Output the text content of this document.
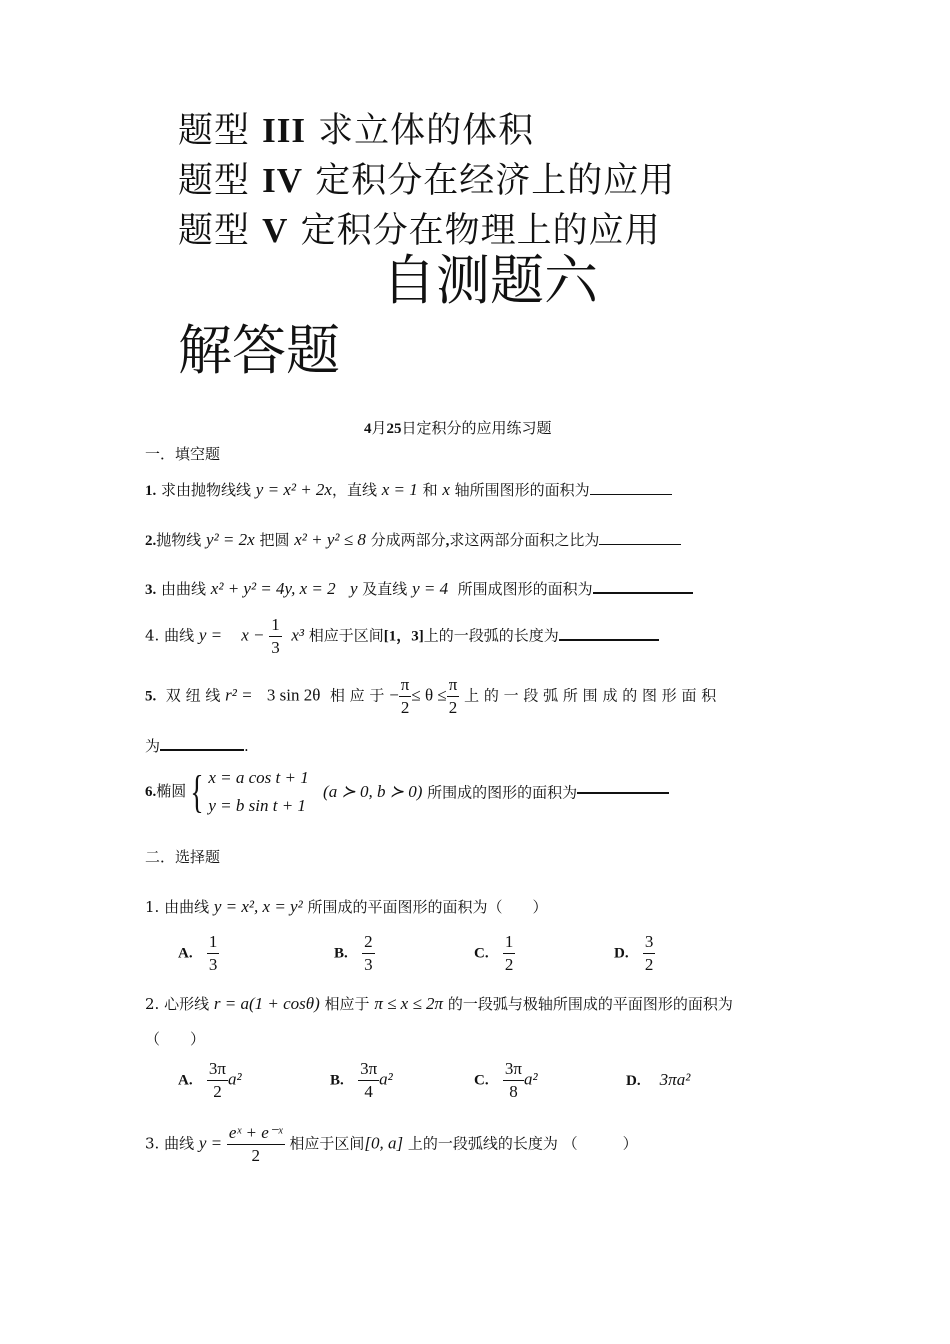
题型 III 求立体的体积
题型 IV 定积分在经济上的应用
题型 V 定积分在物理上的应用
自测题六
解答题
4月25日定积分的应用练习题
一．填空题
1. 求由抛物线线 y = x² + 2x，直线 x = 1 和 x 轴所围图形的面积为
2.抛物线 y² = 2x 把圆 x² + y² ≤ 8 分成两部分,求这两部分面积之比为
3. 由曲线 x² + y² = 4y, x = 2 y 及直线 y = 4  所围成图形的面积为
4. 曲线 $y = x - \frac{1}{3} x^3$ 相应于区间[1，3]上的一段弧的长度为
5. 双 纽 线 r² = 3 sin 2θ  相 应 于 − $\frac{\pi}{2} \le \theta \le \frac{\pi}{2}$ 上 的 一 段 弧 所 围 成 的 图 形 面 积
为	.
6.椭圆{ x = a cos t + 1
y = b sin t + 1
(a ≻ 0, b ≻ 0) 所围成的图形的面积为
二．选择题
1. 由曲线 y = x², x = y² 所围成的平面图形的面积为（　　）
A. $\frac{1}{3}$	B. $\frac{2}{3}$	C. $\frac{1}{2}$	D. $\frac{3}{2}$
2. 心形线 r = a(1 + cosθ) 相应于 π ≤ x ≤ 2π 的一段弧与极轴所围成的平面图形的面积为
（　　）
A. $\frac{3\pi}{2} a^2$	B. $\frac{3\pi}{4} a^2$	C. $\frac{3\pi}{8} a^2$	D. 3πa²
3. 曲线 $y = \frac{\text{eˣ + e⁻ˣ}}{2}$ 相应于区间[0, a] 上的一段弧线的长度为 （　　　）
